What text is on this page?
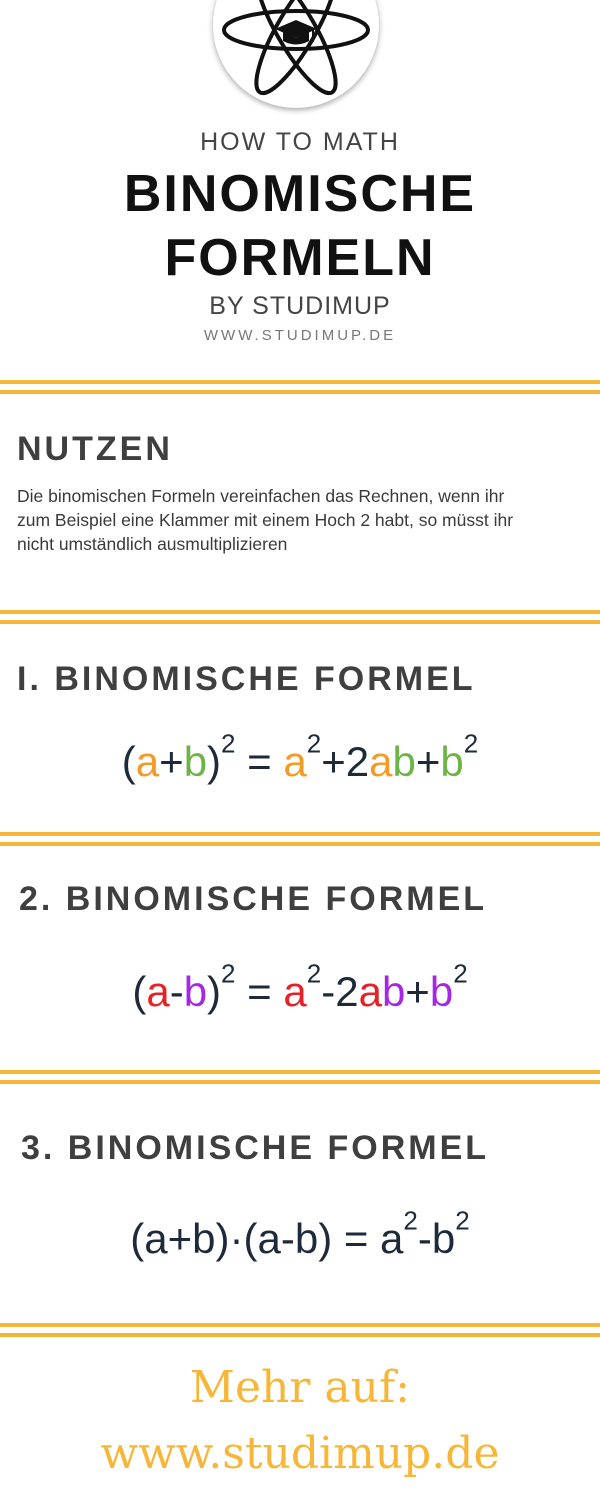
HOW TO MATH

BINOMISCHE

FORMELN

BY STUDIMUP

WWW.STUDIMUP.DE

NUTZEN

Die binomischen Formeln vereinfachen das Rechnen, wenn ihr zum Beispiel eine Klammer mit einem Hoch 2 habt, so müsst ihr nicht umständlich ausmultiplizieren

I. BINOMISCHE FORMEL

$(a+b)^2 = a^2+2ab+b^2$

2. BINOMISCHE FORMEL

$(a-b)^2 = a^2-2ab+b^2$

3. BINOMISCHE FORMEL

$(a+b)\cdot(a-b) = a^2-b^2$

Mehr auf:

www.studimup.de
